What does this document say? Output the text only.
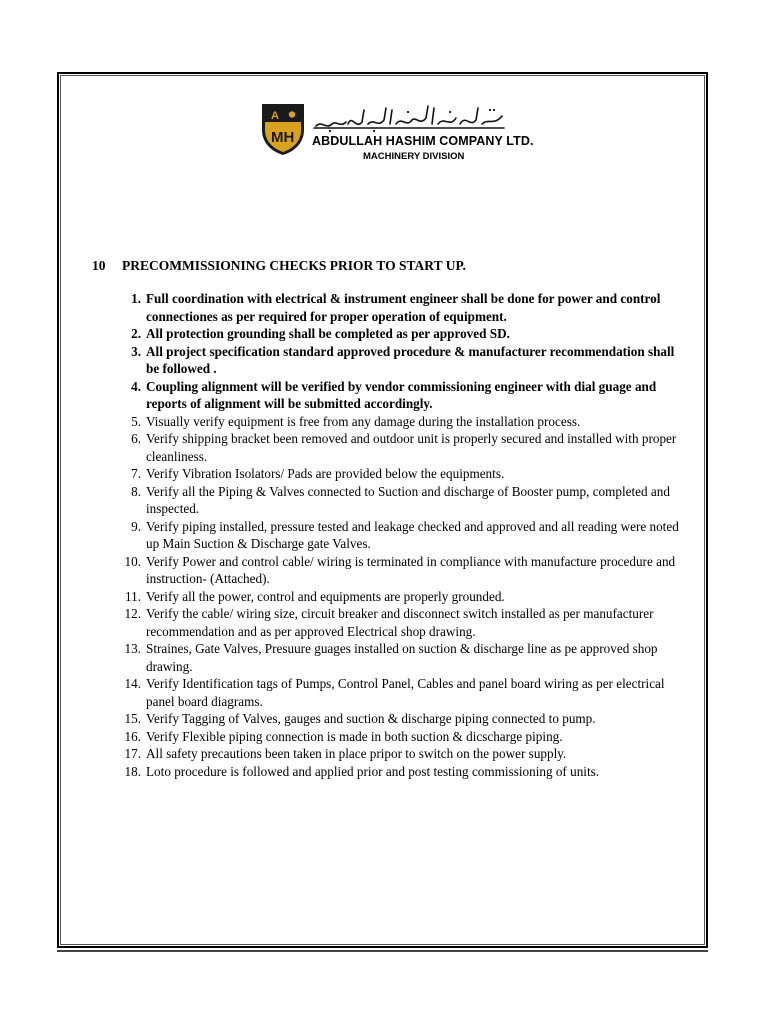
A
MH ABDULLAH HASHIM COMPANY LTD.
MACHINERY DIVISION
10 PRECOMMISSIONING CHECKS PRIOR TO START UP.
1. Full coordination with electrical & instrument engineer shall be done for power and control connectiones as per required for proper operation of equipment.
2. All protection grounding shall be completed as per approved SD.
3. All project specification standard approved procedure & manufacturer recommendation shall be followed .
4. Coupling alignment will be verified by vendor commissioning engineer with dial guage and reports of alignment will be submitted accordingly.
5. Visually verify equipment is free from any damage during the installation process.
6. Verify shipping bracket been removed and outdoor unit is properly secured and installed with proper cleanliness.
7. Verify Vibration Isolators/ Pads are provided below the equipments.
8. Verify all the Piping & Valves connected to Suction and discharge of Booster pump, completed and inspected.
9. Verify piping installed, pressure tested and leakage checked and approved and all reading were noted up Main Suction & Discharge gate Valves.
10. Verify Power and control cable/ wiring is terminated in compliance with manufacture procedure and instruction- (Attached).
11. Verify all the power, control and equipments are properly grounded.
12. Verify the cable/ wiring size, circuit breaker and disconnect switch installed as per manufacturer recommendation and as per approved Electrical shop drawing.
13. Straines, Gate Valves, Presuure guages installed on suction & discharge line as pe approved shop drawing.
14. Verify Identification tags of Pumps, Control Panel, Cables and panel board wiring as per electrical panel board diagrams.
15. Verify Tagging of Valves, gauges and suction & discharge piping connected to pump.
16. Verify Flexible piping connection is made in both suction & dicscharge piping.
17. All safety precautions been taken in place pripor to switch on the power supply.
18. Loto procedure is followed and applied prior and post testing commissioning of units.
